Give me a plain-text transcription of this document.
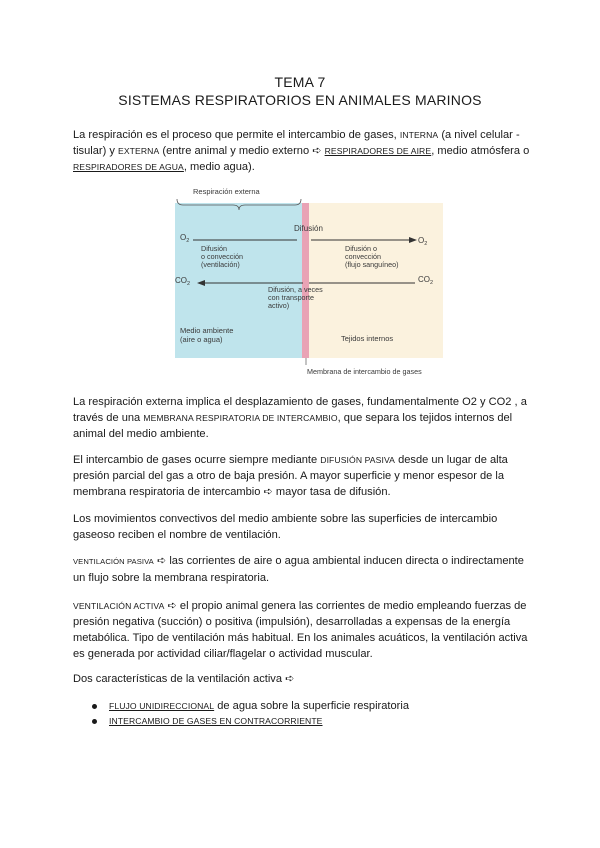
TEMA 7
SISTEMAS RESPIRATORIOS EN ANIMALES MARINOS
La respiración es el proceso que permite el intercambio de gases, INTERNA (a nivel celular - tisular) y EXTERNA (entre animal y medio externo ➪ RESPIRADORES DE AIRE, medio atmósfera o RESPIRADORES DE AGUA, medio agua).
Respiración externa
$O_2$	$O_2$
Difusión
Difusión
o convección
(ventilación)
Difusión o
convección
(flujo sanguíneo)
$CO_2$	$CO_2$
Difusión, a veces
con transporte
activo)
Medio ambiente
(aire o agua)	Tejidos internos
Membrana de intercambio de gases
La respiración externa implica el desplazamiento de gases, fundamentalmente O2 y CO2 , a través de una MEMBRANA RESPIRATORIA DE INTERCAMBIO, que separa los tejidos internos del animal del medio ambiente.
El intercambio de gases ocurre siempre mediante DIFUSIÓN PASIVA desde un lugar de alta presión parcial del gas a otro de baja presión. A mayor superficie y menor espesor de la membrana respiratoria de intercambio ➪ mayor tasa de difusión.
Los movimientos convectivos del medio ambiente sobre las superficies de intercambio gaseoso reciben el nombre de ventilación.
VENTILACIÓN PASIVA ➪ las corrientes de aire o agua ambiental inducen directa o indirectamente un flujo sobre la membrana respiratoria.
VENTILACIÓN ACTIVA ➪ el propio animal genera las corrientes de medio empleando fuerzas de presión negativa (succión) o positiva (impulsión), desarrolladas a expensas de la energía metabólica. Tipo de ventilación más habitual. En los animales acuáticos, la ventilación activa es generada por actividad ciliar/flagelar o actividad muscular.
Dos características de la ventilación activa ➪
FLUJO UNIDIRECCIONAL de agua sobre la superficie respiratoria
INTERCAMBIO DE GASES EN CONTRACORRIENTE
